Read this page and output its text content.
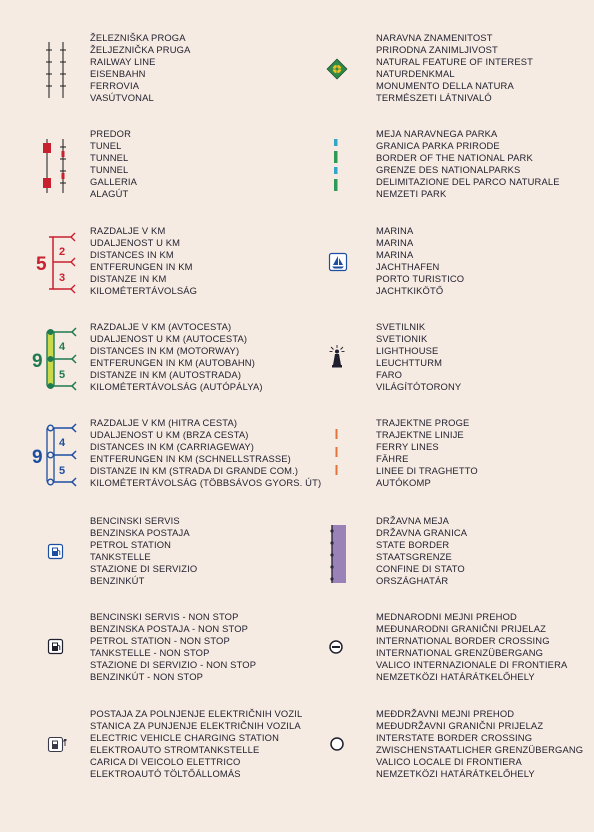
ŽELEZNIŠKA PROGA
ŽELJEZNIČKA PRUGA
RAILWAY LINE
EISENBAHN
FERROVIA
VASÚTVONAL
NARAVNA ZNAMENITOST
PRIRODNA ZANIMLJIVOST
NATURAL FEATURE OF INTEREST
NATURDENKMAL
MONUMENTO DELLA NATURA
TERMÉSZETI LÁTNIVALÓ
PREDOR
TUNEL
TUNNEL
TUNNEL
GALLERIA
ALAGÚT
MEJA NARAVNEGA PARKA
GRANICA PARKA PRIRODE
BORDER OF THE NATIONAL PARK
GRENZE DES NATIONALPARKS
DELIMITAZIONE DEL PARCO NATURALE
NEMZETI PARK
5
2
3
RAZDALJE V KM
UDALJENOST U KM
DISTANCES IN KM
ENTFERUNGEN IN KM
DISTANZE IN KM
KILOMÉTERTÁVOLSÁG
MARINA
MARINA
MARINA
JACHTHAFEN
PORTO TURISTICO
JACHTKIKÖTŐ
9
4
5
RAZDALJE V KM (AVTOCESTA)
UDALJENOST U KM (AUTOCESTA)
DISTANCES IN KM (MOTORWAY)
ENTFERUNGEN IN KM (AUTOBAHN)
DISTANZE IN KM (AUTOSTRADA)
KILOMÉTERTÁVOLSÁG (AUTÓPÁLYA)
SVETILNIK
SVETIONIK
LIGHTHOUSE
LEUCHTTURM
FARO
VILÁGÍTÓTORONY
9
4
5
RAZDALJE V KM (HITRA CESTA)
UDALJENOST U KM (BRZA CESTA)
DISTANCES IN KM (CARRIAGEWAY)
ENTFERUNGEN IN KM (SCHNELLSTRASSE)
DISTANZE IN KM (STRADA DI GRANDE COM.)
KILOMÉTERTÁVOLSÁG (TÖBBSÁVOS GYORS. ÚT)
TRAJEKTNE PROGE
TRAJEKTNE LINIJE
FERRY LINES
FÄHRE
LINEE DI TRAGHETTO
AUTÓKOMP
BENCINSKI SERVIS
BENZINSKA POSTAJA
PETROL STATION
TANKSTELLE
STAZIONE DI SERVIZIO
BENZINKÚT
DRŽAVNA MEJA
DRŽAVNA GRANICA
STATE BORDER
STAATSGRENZE
CONFINE DI STATO
ORSZÁGHATÁR
BENCINSKI SERVIS - NON STOP
BENZINSKA POSTAJA - NON STOP
PETROL STATION - NON STOP
TANKSTELLE - NON STOP
STAZIONE DI SERVIZIO - NON STOP
BENZINKÚT - NON STOP
MEDNARODNI MEJNI PREHOD
MEĐUNARODNI GRANIČNI PRIJELAZ
INTERNATIONAL BORDER CROSSING
INTERNATIONAL GRENZÜBERGANG
VALICO INTERNAZIONALE DI FRONTIERA
NEMZETKÖZI HATÁRÁTKELŐHELY
POSTAJA ZA POLNJENJE ELEKTRIČNIH VOZIL
STANICA ZA PUNJENJE ELEKTRIČNIH VOZILA
ELECTRIC VEHICLE CHARGING STATION
ELEKTROAUTO STROMTANKSTELLE
CARICA DI VEICOLO ELETTRICO
ELEKTROAUTÓ TÖLTŐÁLLOMÁS
MEĐDRŽAVNI MEJNI PREHOD
MEĐUDRŽAVNI GRANIČNI PRIJELAZ
INTERSTATE BORDER CROSSING
ZWISCHENSTAATLICHER GRENZÜBERGANG
VALICO LOCALE DI FRONTIERA
NEMZETKÖZI HATÁRÁTKELŐHELY
